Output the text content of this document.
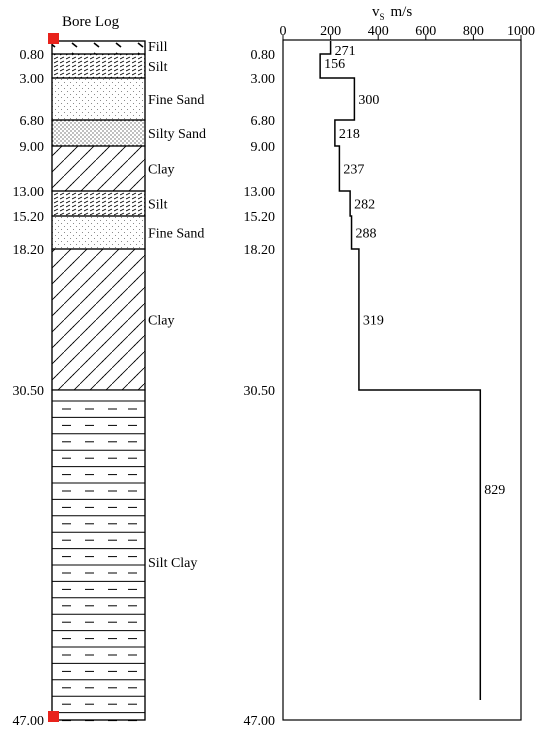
Bore Log
Fill
Silt
Fine Sand
Silty Sand
Clay
Silt
Fine Sand
Clay
Silt Clay
0.80
3.00
6.80
9.00
13.00
15.20
18.20
30.50
47.00
$v_S$ m/s
0 200 400 600 800 1000
0.80
3.00
6.80
9.00
13.00
15.20
18.20
30.50
47.00
271
156
300
218
237
282
288
319
829
